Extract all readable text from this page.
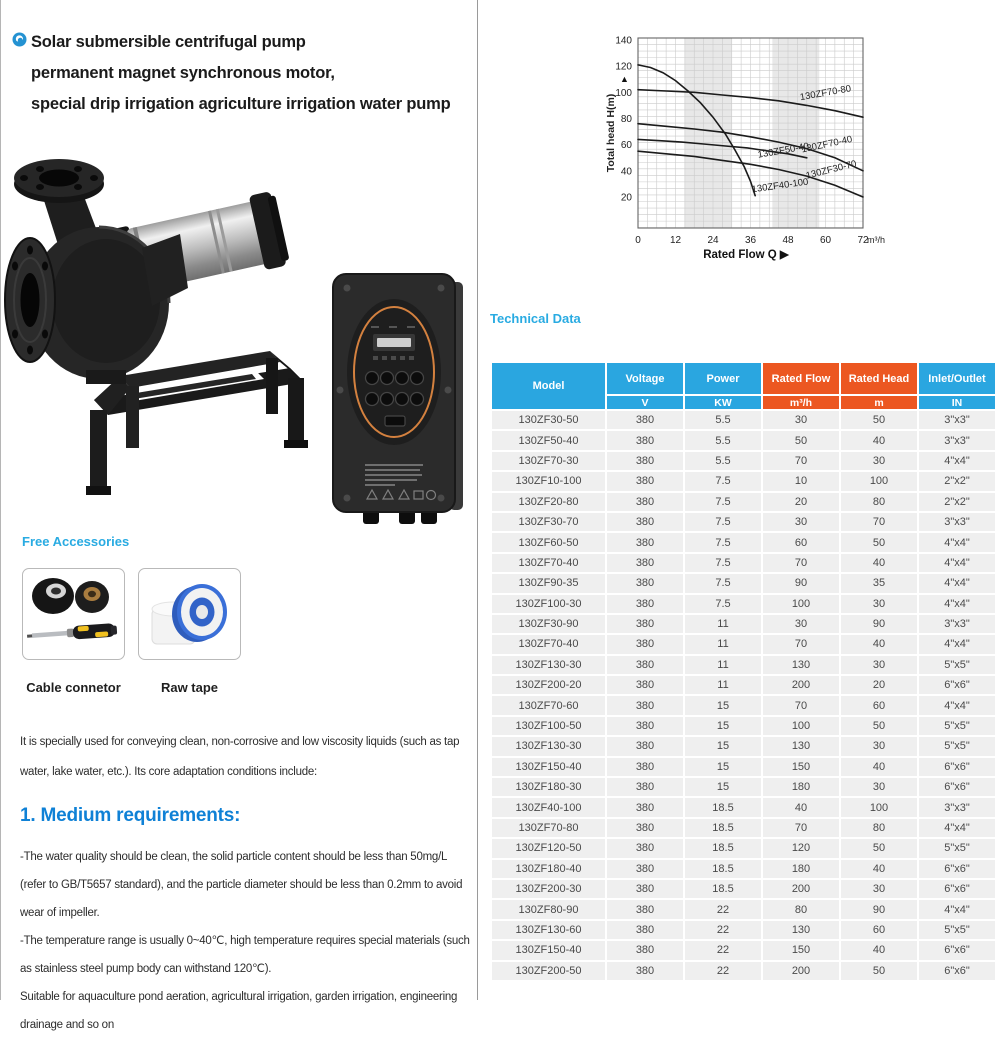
Solar submersible centrifugal pump
permanent magnet synchronous motor,
special drip irrigation agriculture irrigation water pump
Free Accessories
Cable connetor	Raw tape

It is specially used for conveying clean, non-corrosive and low viscosity liquids (such as tap water, lake water, etc.). Its core adaptation conditions include:

1. Medium requirements:

-The water quality should be clean, the solid particle content should be less than 50mg/L (refer to GB/T5657 standard), and the particle diameter should be less than 0.2mm to avoid wear of impeller.

-The temperature range is usually 0~40℃, high temperature requires special materials (such as stainless steel pump body can withstand 120℃).

Suitable for aquaculture pond aeration, agricultural irrigation, garden irrigation, engineering drainage and so on

130ZF70-80
130ZF40-100
130ZF70-40
130ZF50-40
130ZF30-70
20
40
60
80
100
120
140
0	12	24	36	48	60	72
m³/h
▲
Total head H(m)
Rated Flow Q ▶
Technical Data
Model	Voltage	Power	Rated Flow	Rated Head	Inlet/Outlet
	V	KW	m³/h	m	IN
130ZF30-50	380	5.5	30	50	3"x3"
130ZF50-40	380	5.5	50	40	3"x3"
130ZF70-30	380	5.5	70	30	4"x4"
130ZF10-100	380	7.5	10	100	2"x2"
130ZF20-80	380	7.5	20	80	2"x2"
130ZF30-70	380	7.5	30	70	3"x3"
130ZF60-50	380	7.5	60	50	4"x4"
130ZF70-40	380	7.5	70	40	4"x4"
130ZF90-35	380	7.5	90	35	4"x4"
130ZF100-30	380	7.5	100	30	4"x4"
130ZF30-90	380	11	30	90	3"x3"
130ZF70-40	380	11	70	40	4"x4"
130ZF130-30	380	11	130	30	5"x5"
130ZF200-20	380	11	200	20	6"x6"
130ZF70-60	380	15	70	60	4"x4"
130ZF100-50	380	15	100	50	5"x5"
130ZF130-30	380	15	130	30	5"x5"
130ZF150-40	380	15	150	40	6"x6"
130ZF180-30	380	15	180	30	6"x6"
130ZF40-100	380	18.5	40	100	3"x3"
130ZF70-80	380	18.5	70	80	4"x4"
130ZF120-50	380	18.5	120	50	5"x5"
130ZF180-40	380	18.5	180	40	6"x6"
130ZF200-30	380	18.5	200	30	6"x6"
130ZF80-90	380	22	80	90	4"x4"
130ZF130-60	380	22	130	60	5"x5"
130ZF150-40	380	22	150	40	6"x6"
130ZF200-50	380	22	200	50	6"x6"
